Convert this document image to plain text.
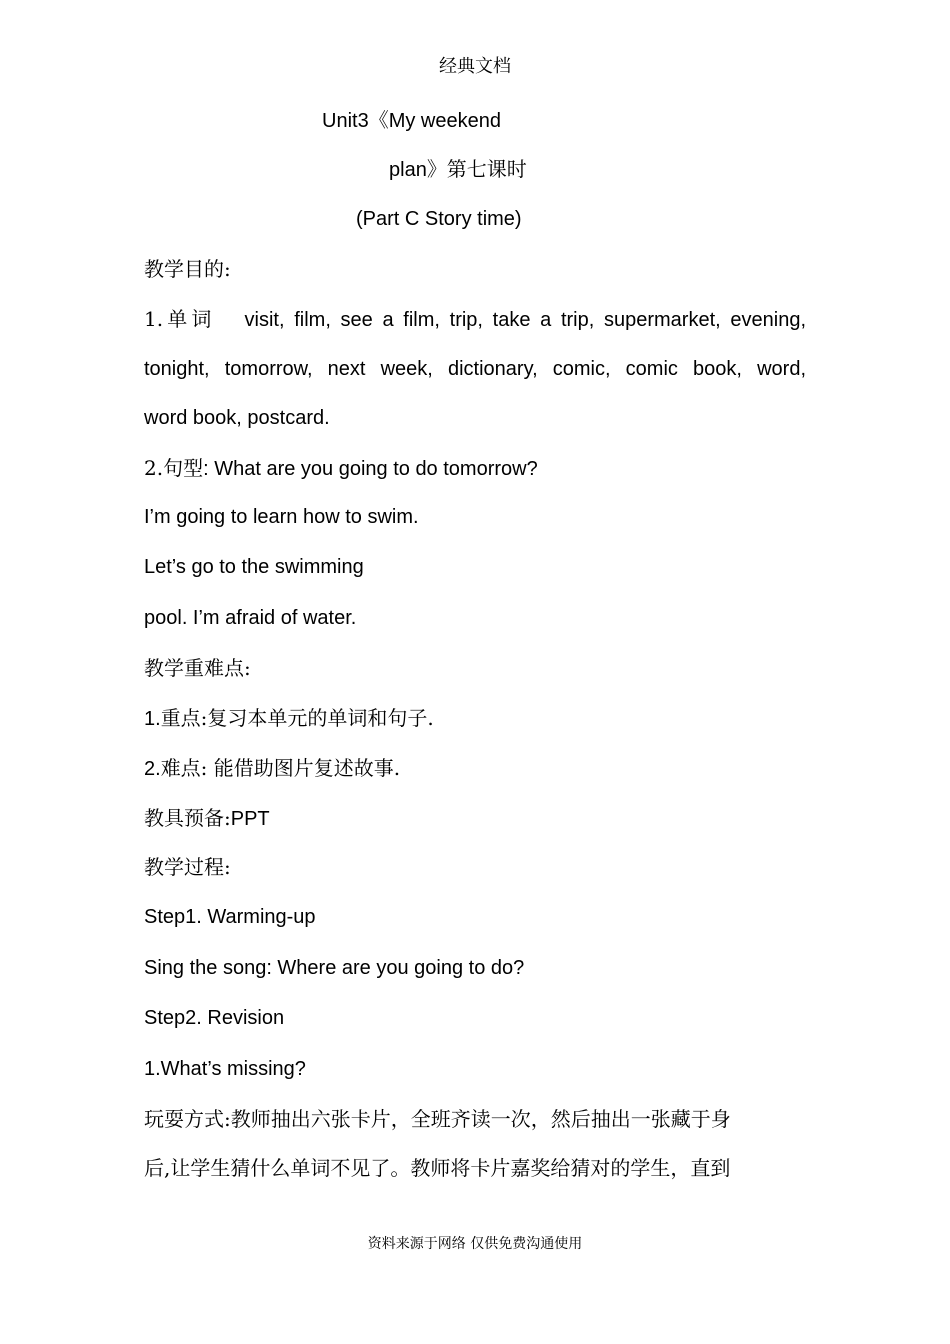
经典文档
Unit3《My weekend
plan》第七课时
(Part C Story time)
教学目的:
1.单词 visit, film, see a film, trip, take a trip, supermarket, evening,
tonight, tomorrow, next week, dictionary, comic, comic book, word,
word book, postcard.
2.句型: What are you going to do tomorrow?
I’m going to learn how to swim.
Let’s go to the swimming
pool. I’m afraid of water.
教学重难点:
1.重点:复习本单元的单词和句子.
2.难点: 能借助图片复述故事.
教具预备:PPT
教学过程:
Step1. Warming-up
Sing the song: Where are you going to do?
Step2. Revision
1.What’s missing?
玩耍方式:教师抽出六张卡片，全班齐读一次，然后抽出一张藏于身
后,让学生猜什么单词不见了。教师将卡片嘉奖给猜对的学生，直到
资料来源于网络 仅供免费沟通使用
